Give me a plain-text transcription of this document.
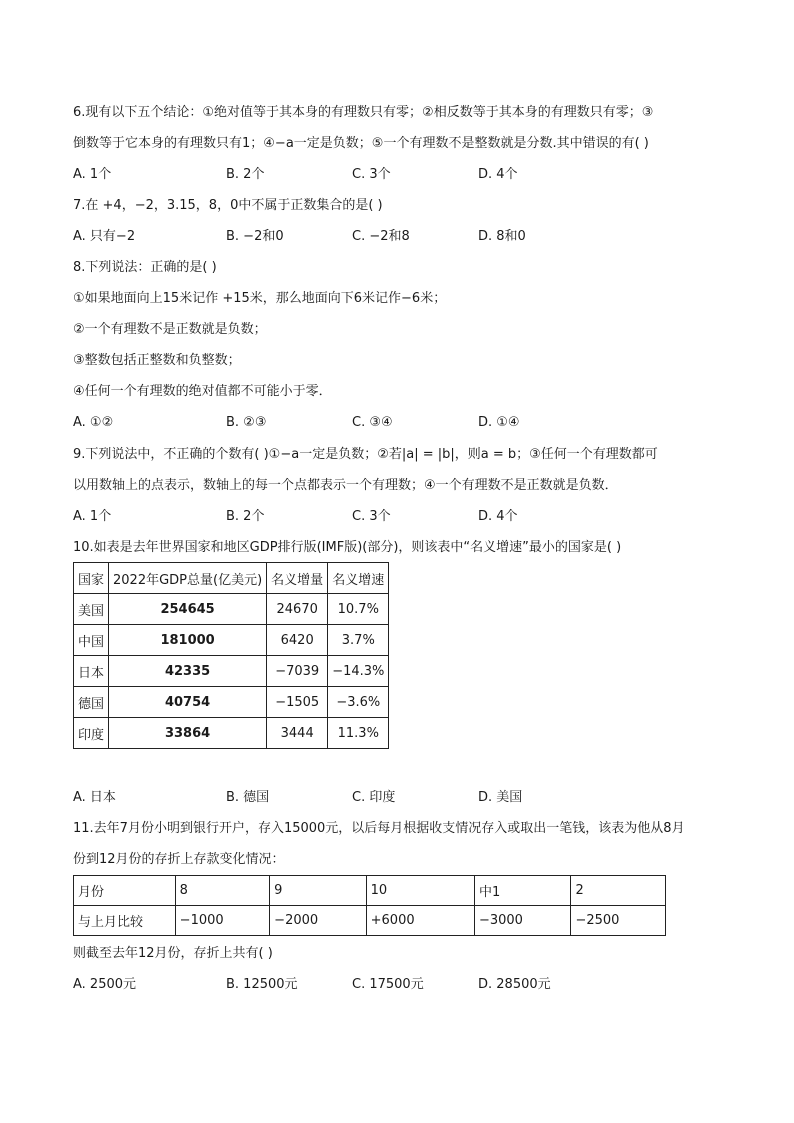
6.现有以下五个结论：①绝对值等于其本身的有理数只有零；②相反数等于其本身的有理数只有零；③
倒数等于它本身的有理数只有1；④−a一定是负数；⑤一个有理数不是整数就是分数.其中错误的有( )
A. 1个	B. 2个	C. 3个	D. 4个
7.在 +4，−2，3.15，8，0中不属于正数集合的是( )
A. 只有−2	B. −2和0	C. −2和8	D. 8和0
8.下列说法：正确的是( )
①如果地面向上15米记作 +15米，那么地面向下6米记作−6米；
②一个有理数不是正数就是负数；
③整数包括正整数和负整数；
④任何一个有理数的绝对值都不可能小于零．
A. ①②	B. ②③	C. ③④	D. ①④
9.下列说法中，不正确的个数有( )①−a一定是负数；②若|a| = |b|，则a = b；③任何一个有理数都可
以用数轴上的点表示，数轴上的每一个点都表示一个有理数；④一个有理数不是正数就是负数．
A. 1个	B. 2个	C. 3个	D. 4个
10.如表是去年世界国家和地区GDP排行版(IMF版)(部分)，则该表中“名义增速”最小的国家是( )
国家	2022年GDP总量(亿美元)	名义增量	名义增速
美国	254645	24670	10.7%
中国	181000	6420	3.7%
日本	42335	−7039	−14.3%
德国	40754	−1505	−3.6%
印度	33864	3444	11.3%
A. 日本	B. 德国	C. 印度	D. 美国
11.去年7月份小明到银行开户，存入15000元，以后每月根据收支情况存入或取出一笔钱，该表为他从8月
份到12月份的存折上存款变化情况：
月份	8	9	10	中1	2
与上月比较	−1000	−2000	+6000	−3000	−2500
则截至去年12月份，存折上共有( )
A. 2500元	B. 12500元	C. 17500元	D. 28500元
